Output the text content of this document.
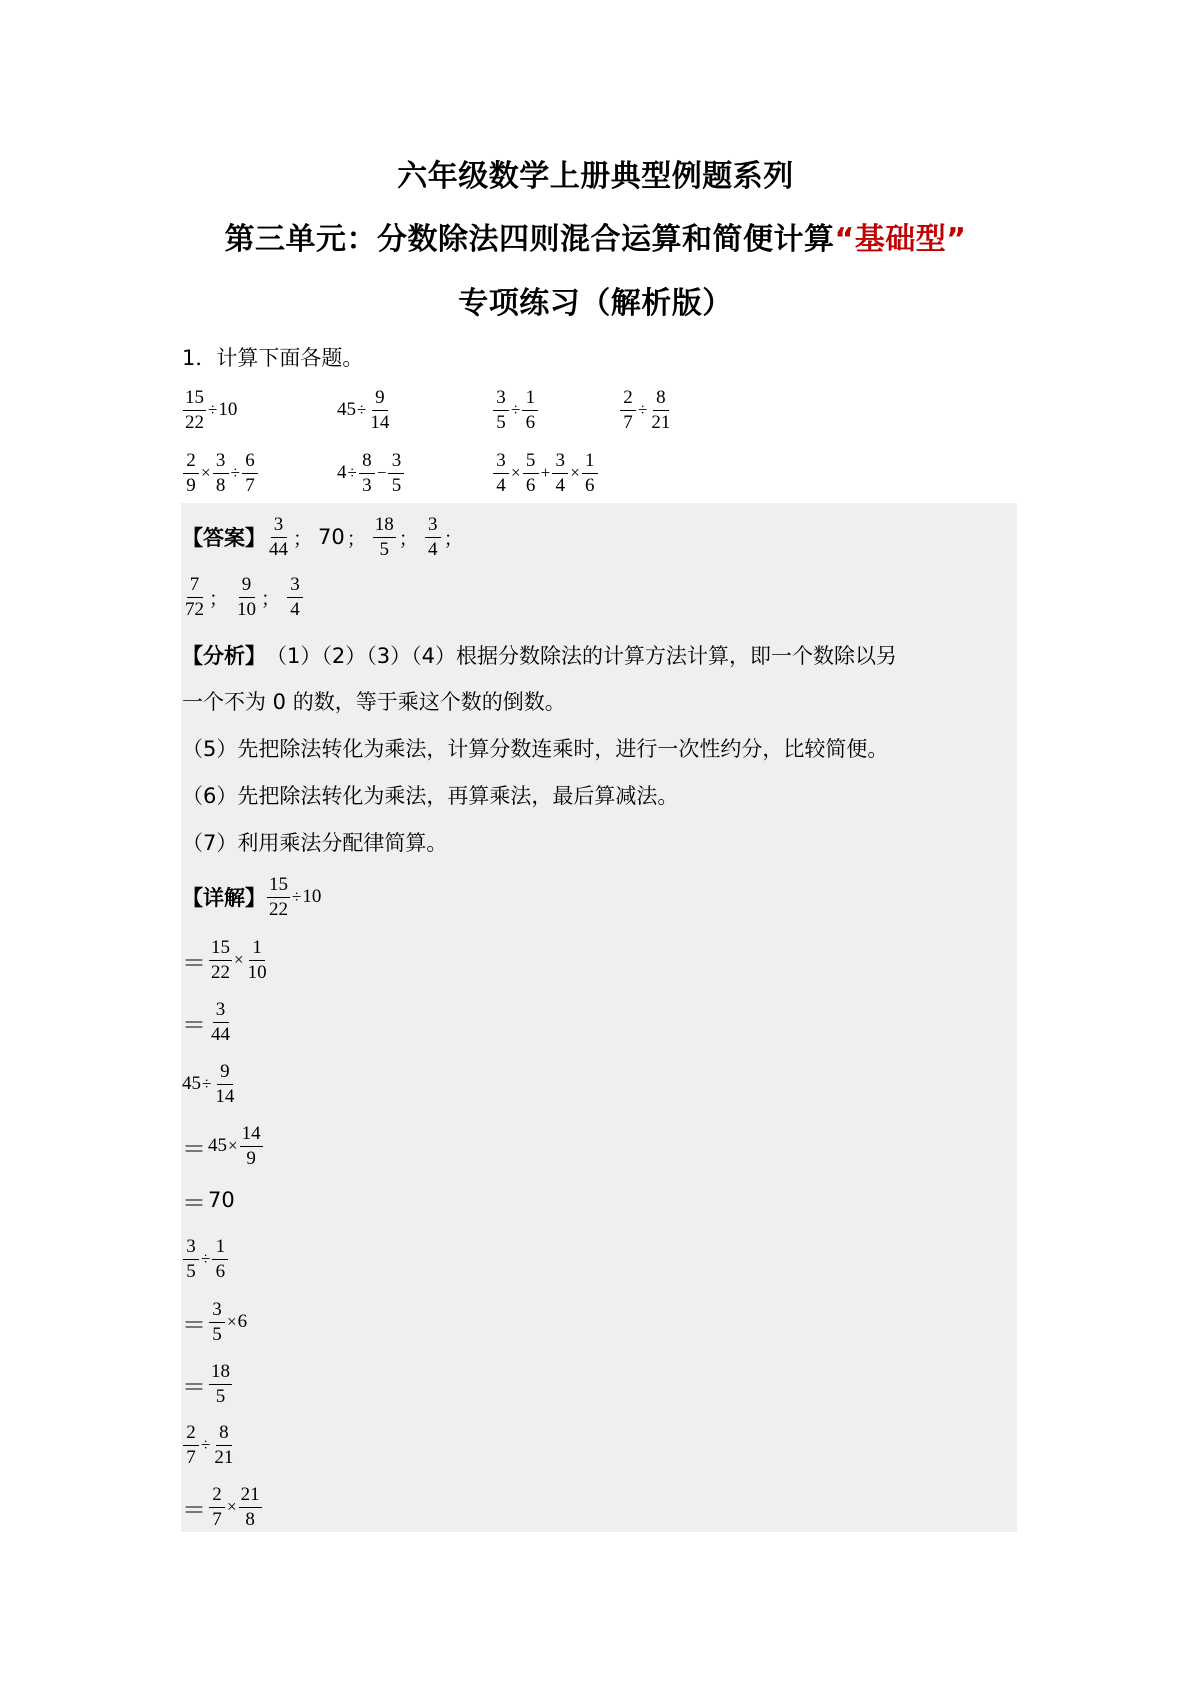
六年级数学上册典型例题系列
第三单元：分数除法四则混合运算和简便计算“基础型”
专项练习（解析版）
1．计算下面各题。
$\frac{15}{22} \div 10$	$45 \div \frac{9}{14}$	$\frac{3}{5} \div \frac{1}{6}$	$\frac{2}{7} \div \frac{8}{21}$
$\frac{2}{9} \times \frac{3}{8} \div \frac{6}{7}$	$4 \div \frac{8}{3} - \frac{3}{5}$	$\frac{3}{4} \times \frac{5}{6} + \frac{3}{4} \times \frac{1}{6}$
【答案】 $\frac{3}{44}$ ； 70 ； $\frac{18}{5}$ ； $\frac{3}{4}$ ；
$\frac{7}{72}$ ； $\frac{9}{10}$ ； $\frac{3}{4}$
【分析】 （1）（2）（3）（4）根据分数除法的计算方法计算，即一个数除以另
一个不为 0 的数，等于乘这个数的倒数。
（5）先把除法转化为乘法，计算分数连乘时，进行一次性约分，比较简便。
（6）先把除法转化为乘法，再算乘法，最后算减法。
（7）利用乘法分配律简算。
【详解】 $\frac{15}{22} \div 10$
＝ $\frac{15}{22} \times \frac{1}{10}$
＝ $\frac{3}{44}$
$45 \div \frac{9}{14}$
＝ $45 \times \frac{14}{9}$
＝ 70
$\frac{3}{5} \div \frac{1}{6}$
＝ $\frac{3}{5} \times 6$
＝ $\frac{18}{5}$
$\frac{2}{7} \div \frac{8}{21}$
＝ $\frac{2}{7} \times \frac{21}{8}$
